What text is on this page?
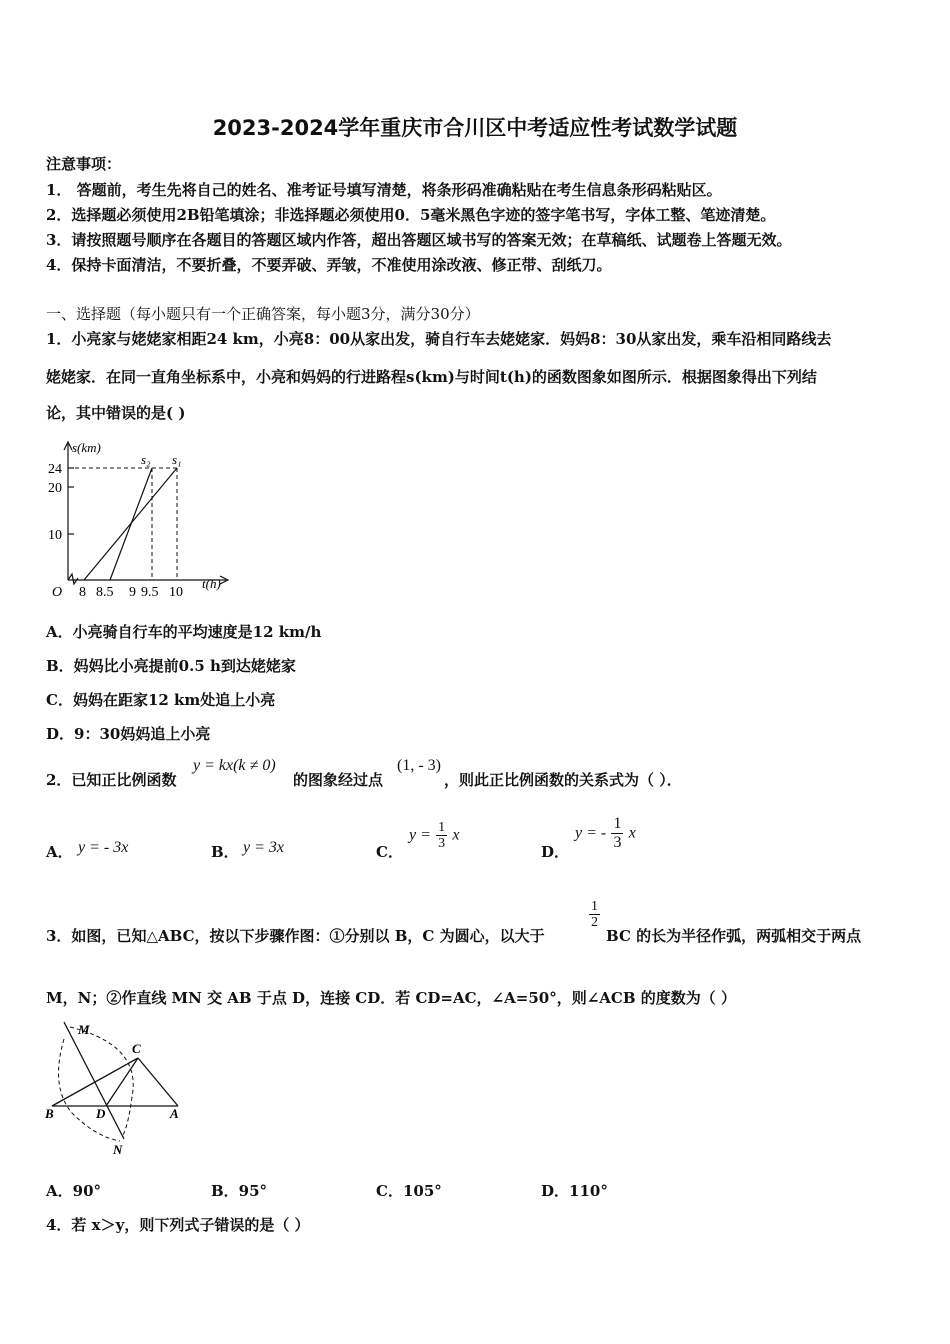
2023-2024学年重庆市合川区中考适应性考试数学试题
注意事项：
1． 答题前，考生先将自己的姓名、准考证号填写清楚，将条形码准确粘贴在考生信息条形码粘贴区。
2．选择题必须使用2B铅笔填涂；非选择题必须使用0．5毫米黑色字迹的签字笔书写，字体工整、笔迹清楚。
3．请按照题号顺序在各题目的答题区域内作答，超出答题区域书写的答案无效；在草稿纸、试题卷上答题无效。
4．保持卡面清洁，不要折叠，不要弄破、弄皱，不准使用涂改液、修正带、刮纸刀。
一、选择题（每小题只有一个正确答案，每小题3分，满分30分）
1．小亮家与姥姥家相距24 km，小亮8：00从家出发，骑自行车去姥姥家．妈妈8：30从家出发，乘车沿相同路线去
姥姥家．在同一直角坐标系中，小亮和妈妈的行进路程s(km)与时间t(h)的函数图象如图所示．根据图象得出下列结
论，其中错误的是( )
s(km)
s₂ s₁
24
20
10
O 8 8.5 9 9.5 10
t(h)
A．小亮骑自行车的平均速度是12 km/h
B．妈妈比小亮提前0.5 h到达姥姥家
C．妈妈在距家12 km处追上小亮
D．9：30妈妈追上小亮
2．已知正比例函数
y = kx(k ≠ 0)
的图象经过点
(1, - 3)
，则此正比例函数的关系式为（ ）．
A． y = - 3x	B． y = 3x	C．
$y = \frac{1}{3}$ x
D．
y = - $\frac{1}{3}$ x
3．如图，已知△ABC，按以下步骤作图：①分别以 B，C 为圆心，以大于
$\frac{1}{2}$
BC 的长为半径作弧，两弧相交于两点
M，N；②作直线 MN 交 AB 于点 D，连接 CD．若 CD=AC，∠A=50°，则∠ACB 的度数为（ ）
M
C
B	D	A
N
A．90°	B．95°	C．105°	D．110°
4．若 x＞y，则下列式子错误的是（ ）
